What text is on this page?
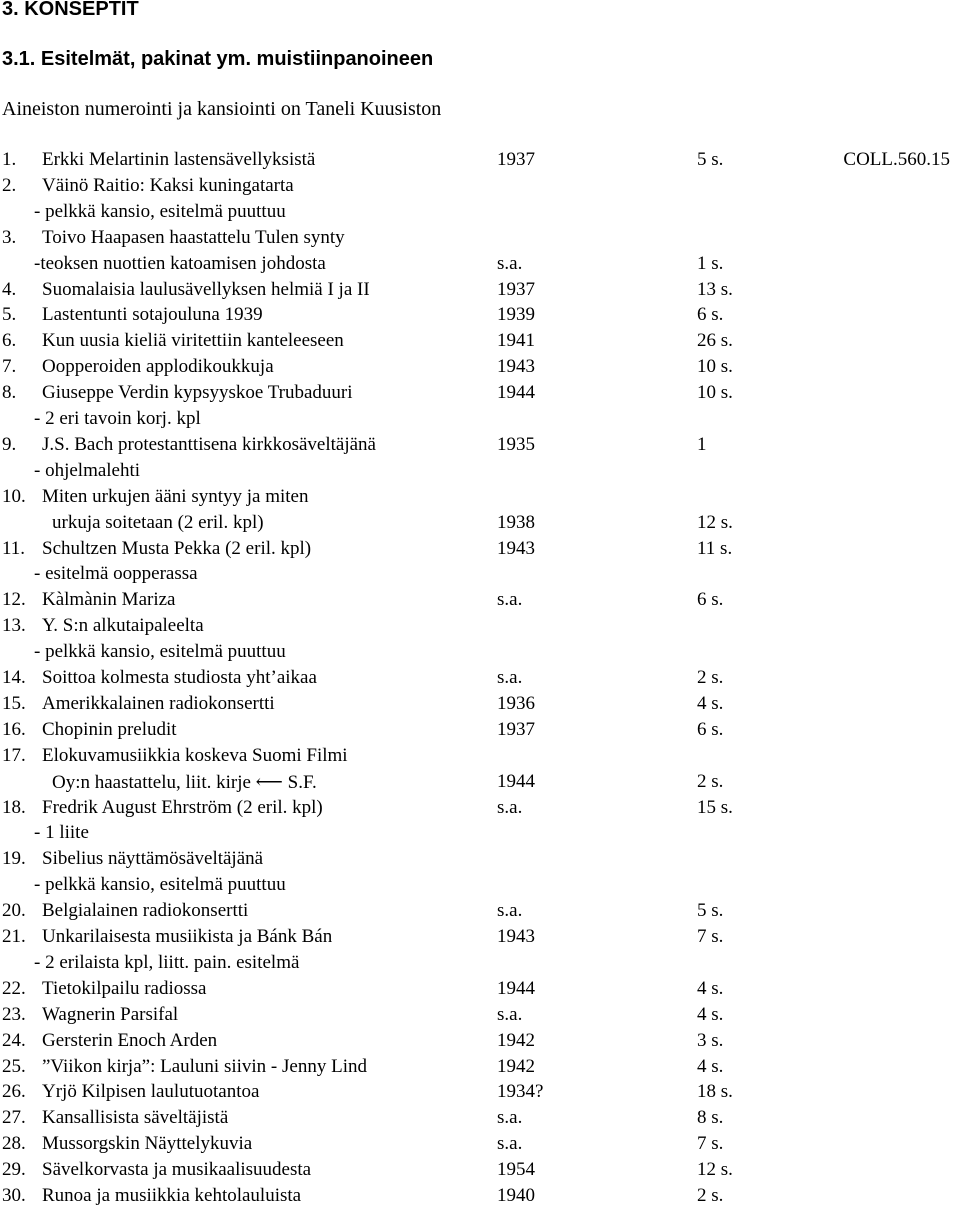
3. KONSEPTIT
3.1. Esitelmät, pakinat ym. muistiinpanoineen
Aineiston numerointi ja kansiointi on Taneli Kuusiston
1. Erkki Melartinin lastensävellyksistä	1937	5 s.	COLL.560.15
2. Väinö Raitio: Kaksi kuningatarta
- pelkkä kansio, esitelmä puuttuu
3. Toivo Haapasen haastattelu Tulen synty
-teoksen nuottien katoamisen johdosta	s.a.	1 s.
4. Suomalaisia laulusävellyksen helmiä I ja II	1937	13 s.
5. Lastentunti sotajouluna 1939	1939	6 s.
6. Kun uusia kieliä viritettiin kanteleeseen	1941	26 s.
7. Oopperoiden applodikoukkuja	1943	10 s.
8. Giuseppe Verdin kypsyyskoe Trubaduuri	1944	10 s.
- 2 eri tavoin korj. kpl
9. J.S. Bach protestanttisena kirkkosäveltäjänä	1935	1
- ohjelmalehti
10. Miten urkujen ääni syntyy ja miten
urkuja soitetaan (2 eril. kpl)	1938	12 s.
11. Schultzen Musta Pekka (2 eril. kpl)	1943	11 s.
- esitelmä oopperassa
12. Kàlmànin Mariza	s.a.	6 s.
13. Y. S:n alkutaipaleelta
- pelkkä kansio, esitelmä puuttuu
14. Soittoa kolmesta studiosta yht’aikaa	s.a.	2 s.
15. Amerikkalainen radiokonsertti	1936	4 s.
16. Chopinin preludit	1937	6 s.
17. Elokuvamusiikkia koskeva Suomi Filmi
Oy:n haastattelu, liit. kirje ⟵ S.F.	1944	2 s.
18. Fredrik August Ehrström (2 eril. kpl)	s.a.	15 s.
- 1 liite
19. Sibelius näyttämösäveltäjänä
- pelkkä kansio, esitelmä puuttuu
20. Belgialainen radiokonsertti	s.a.	5 s.
21. Unkarilaisesta musiikista ja Bánk Bán	1943	7 s.
- 2 erilaista kpl, liitt. pain. esitelmä
22. Tietokilpailu radiossa	1944	4 s.
23. Wagnerin Parsifal	s.a.	4 s.
24. Gersterin Enoch Arden	1942	3 s.
25. ”Viikon kirja”: Lauluni siivin - Jenny Lind	1942	4 s.
26. Yrjö Kilpisen laulutuotantoa	1934?	18 s.
27. Kansallisista säveltäjistä	s.a.	8 s.
28. Mussorgskin Näyttelykuvia	s.a.	7 s.
29. Sävelkorvasta ja musikaalisuudesta	1954	12 s.
30. Runoa ja musiikkia kehtolauluista	1940	2 s.
